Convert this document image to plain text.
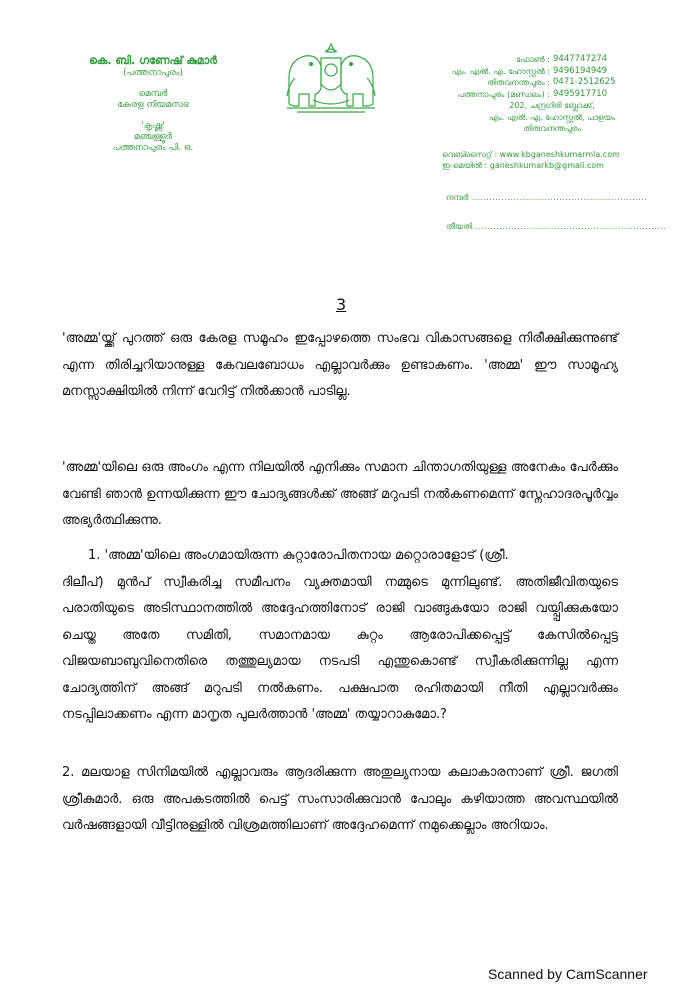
കെ. ബി. ഗണേഷ് കുമാർ
(പത്തനാപുരം)
മെമ്പർ
കേരള നിയമസഭ
'കൃഷ്ണ'
മഞ്ചള്ളൂർ
പത്തനാപുരം പി. ഒ.
ഫോൺ : 9447747274
എം. എൽ. എ. ഹോസ്റ്റൽ : 9496194949
തിരുവനന്തപുരം : 0471-2512625
പത്തനാപുരം (മണ്ഡലം) : 9495917710
202, ചന്ദ്രഗിരി ബ്ലോക്ക്,
എം. എൽ. എ. ഹോസ്റ്റൽ, പാളയം
തിരുവനന്തപുരം
വെബ്സൈറ്റ് : www.kbganeshkumarmla.com
ഇ-മെയിൽ : ganeshkumarkb@gmail.com
നമ്പർ ..........................................................
തീയതി ...............................................................
3
'അമ്മ'യ്ക്ക് പുറത്ത് ഒരു കേരള സമൂഹം ഇപ്പോഴത്തെ സംഭവ വികാസങ്ങളെ നിരീക്ഷിക്കുന്നുണ്ട് എന്ന തിരിച്ചറിയാനുള്ള കേവലബോധം എല്ലാവർക്കും ഉണ്ടാകണം. 'അമ്മ' ഈ സാമൂഹ്യ മനസ്സാക്ഷിയിൽ നിന്ന് വേറിട്ട് നിൽക്കാൻ പാടില്ല.
'അമ്മ'യിലെ ഒരു അംഗം എന്ന നിലയിൽ എനിക്കും സമാന ചിന്താഗതിയുള്ള അനേകം പേർക്കും വേണ്ടി ഞാൻ ഉന്നയിക്കുന്ന ഈ ചോദ്യങ്ങൾക്ക് അങ്ങ് മറുപടി നൽകണമെന്ന് സ്നേഹാദരപൂർവ്വം അഭ്യർത്ഥിക്കുന്നു.
1. 'അമ്മ'യിലെ അംഗമായിരുന്ന കുറ്റാരോപിതനായ മറ്റൊരാളോട് (ശ്രീ.
ദിലീപ്) മുൻപ് സ്വീകരിച്ച സമീപനം വ്യക്തമായി നമ്മുടെ മുന്നിലുണ്ട്. അതിജീവിതയുടെ പരാതിയുടെ അടിസ്ഥാനത്തിൽ അദ്ദേഹത്തിനോട് രാജി വാങ്ങുകയോ രാജി വയ്പ്പിക്കുകയോ ചെയ്ത അതേ സമിതി, സമാനമായ കുറ്റം ആരോപിക്കപ്പെട്ട് കേസിൽപ്പെട്ട വിജയബാബുവിനെതിരെ തത്തുല്യമായ നടപടി എന്തുകൊണ്ട് സ്വീകരിക്കുന്നില്ല എന്ന ചോദ്യത്തിന് അങ്ങ് മറുപടി നൽകണം. പക്ഷപാത രഹിതമായി നീതി എല്ലാവർക്കും നടപ്പിലാക്കണം എന്ന മാനൃത പുലർത്താൻ 'അമ്മ' തയ്യാറാകുമോ.?
2. മലയാള സിനിമയിൽ എല്ലാവരും ആദരിക്കുന്ന അതുല്യനായ കലാകാരനാണ് ശ്രീ. ജഗതി ശ്രീകുമാർ. ഒരു അപകടത്തിൽ പെട്ട് സംസാരിക്കുവാൻ പോലും കഴിയാത്ത അവസ്ഥയിൽ വർഷങ്ങളായി വീട്ടിനുള്ളിൽ വിശ്രമത്തിലാണ് അദ്ദേഹമെന്ന് നമുക്കെല്ലാം അറിയാം.
Scanned by CamScanner
